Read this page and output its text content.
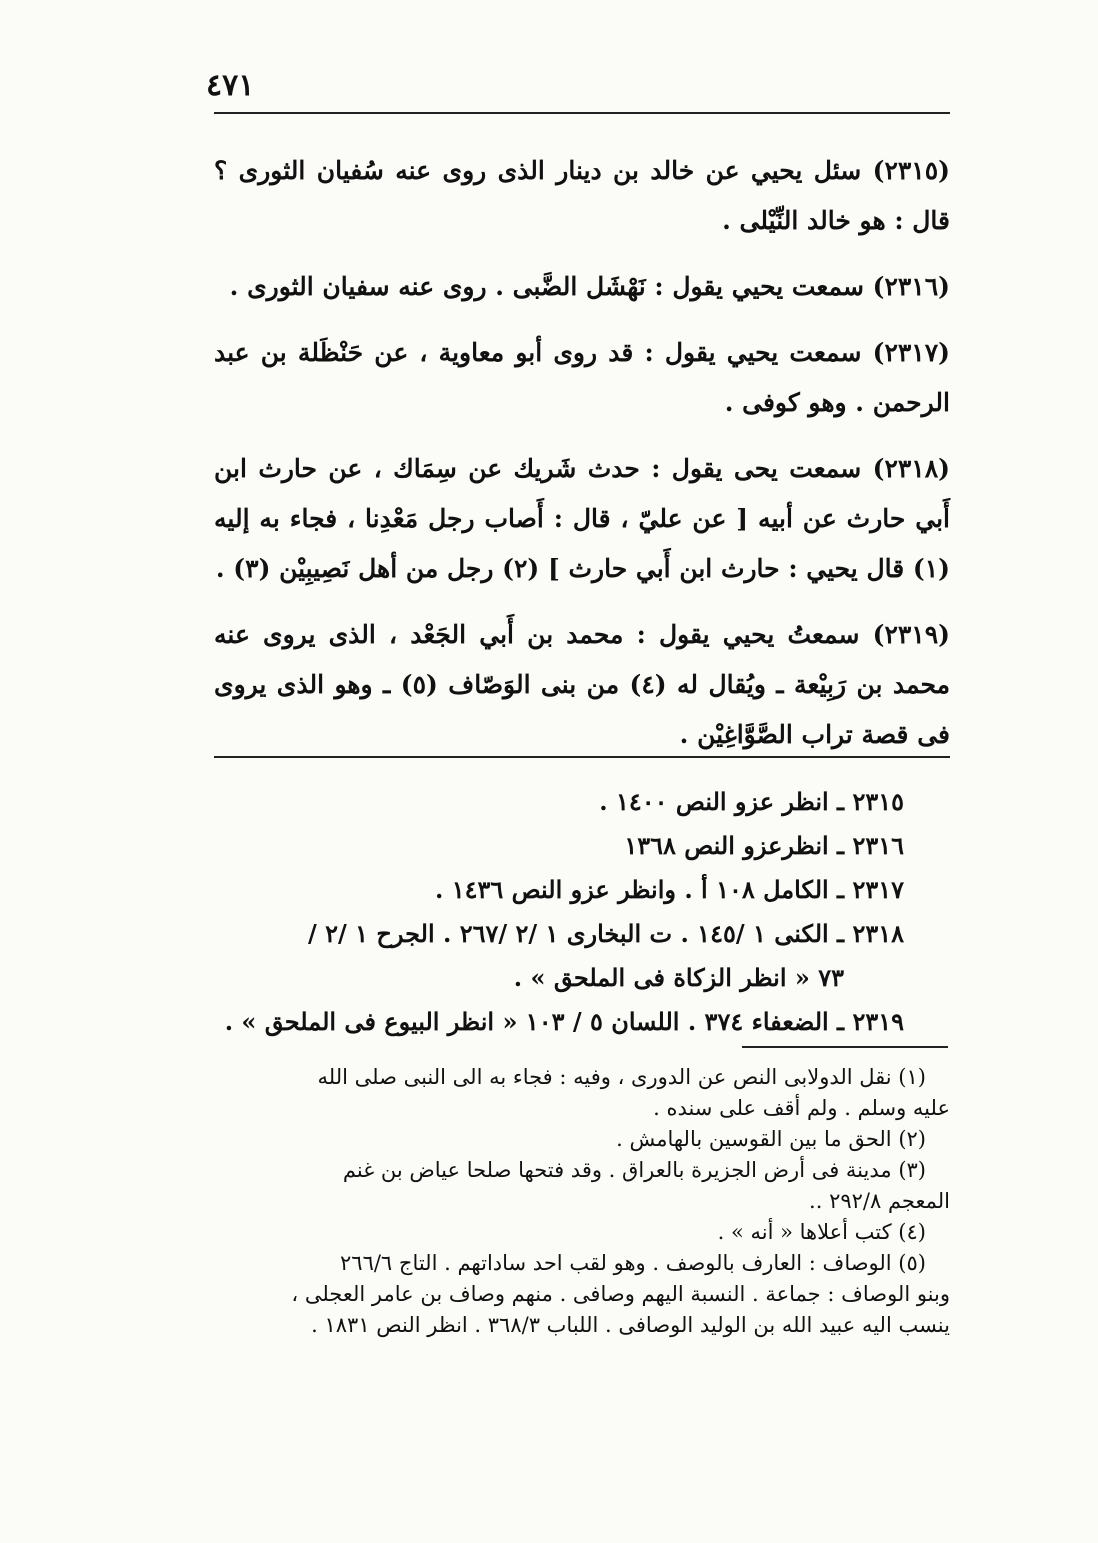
٤٧١

(٢٣١٥) سئل يحيي عن خالد بن دينار الذى روى عنه سُفيان الثورى ؟ قال : هو خالد النِّيْلى .

(٢٣١٦) سمعت يحيي يقول : نَهْشَل الضَّبى . روى عنه سفيان الثورى .

(٢٣١٧) سمعت يحيي يقول : قد روى أبو معاوية ، عن حَنْظَلة بن عبد الرحمن . وهو كوفى .

(٢٣١٨) سمعت يحى يقول : حدث شَريك عن سِمَاك ، عن حارث ابن أَبي حارث عن أبيه [ عن عليّ ، قال : أَصاب رجل مَعْدِنا ، فجاء به إليه (١) قال يحيي : حارث ابن أَبي حارث ] (٢) رجل من أهل نَصِيبِيْن (٣) .

(٢٣١٩) سمعتُ يحيي يقول : محمد بن أَبي الجَعْد ، الذى يروى عنه محمد بن رَبِيْعة ـ ويُقال له (٤) من بنى الوَصّاف (٥) ـ وهو الذى يروى فى قصة تراب الصَّوَّاغِيْن .

٢٣١٥ ـ انظر عزو النص ١٤٠٠ .

٢٣١٦ ـ انظرعزو النص ١٣٦٨

٢٣١٧ ـ الكامل ١٠٨ أ . وانظر عزو النص ١٤٣٦ .

٢٣١٨ ـ الكنى ١ /١٤٥ . ت البخارى ١ /٢ /٢٦٧ . الجرح ١ /٢ /
٧٣ « انظر الزكاة فى الملحق » .

٢٣١٩ ـ الضعفاء ٣٧٤ . اللسان ٥ / ١٠٣ « انظر البيوع فى الملحق » .

(١) نقل الدولابى النص عن الدورى ، وفيه : فجاء به الى النبى صلى الله
عليه وسلم . ولم أقف على سنده .

(٢) الحق ما بين القوسين بالهامش .

(٣) مدينة فى أرض الجزيرة بالعراق . وقد فتحها صلحا عياض بن غنم
المعجم ٢٩٢/٨ ..

(٤) كتب أعلاها « أنه » .

(٥) الوصاف : العارف بالوصف . وهو لقب احد ساداتهم . التاج ٢٦٦/٦
وبنو الوصاف : جماعة . النسبة اليهم وصافى . منهم وصاف بن عامر العجلى ،
ينسب اليه عبيد الله بن الوليد الوصافى . اللباب ٣٦٨/٣ . انظر النص ١٨٣١ .
